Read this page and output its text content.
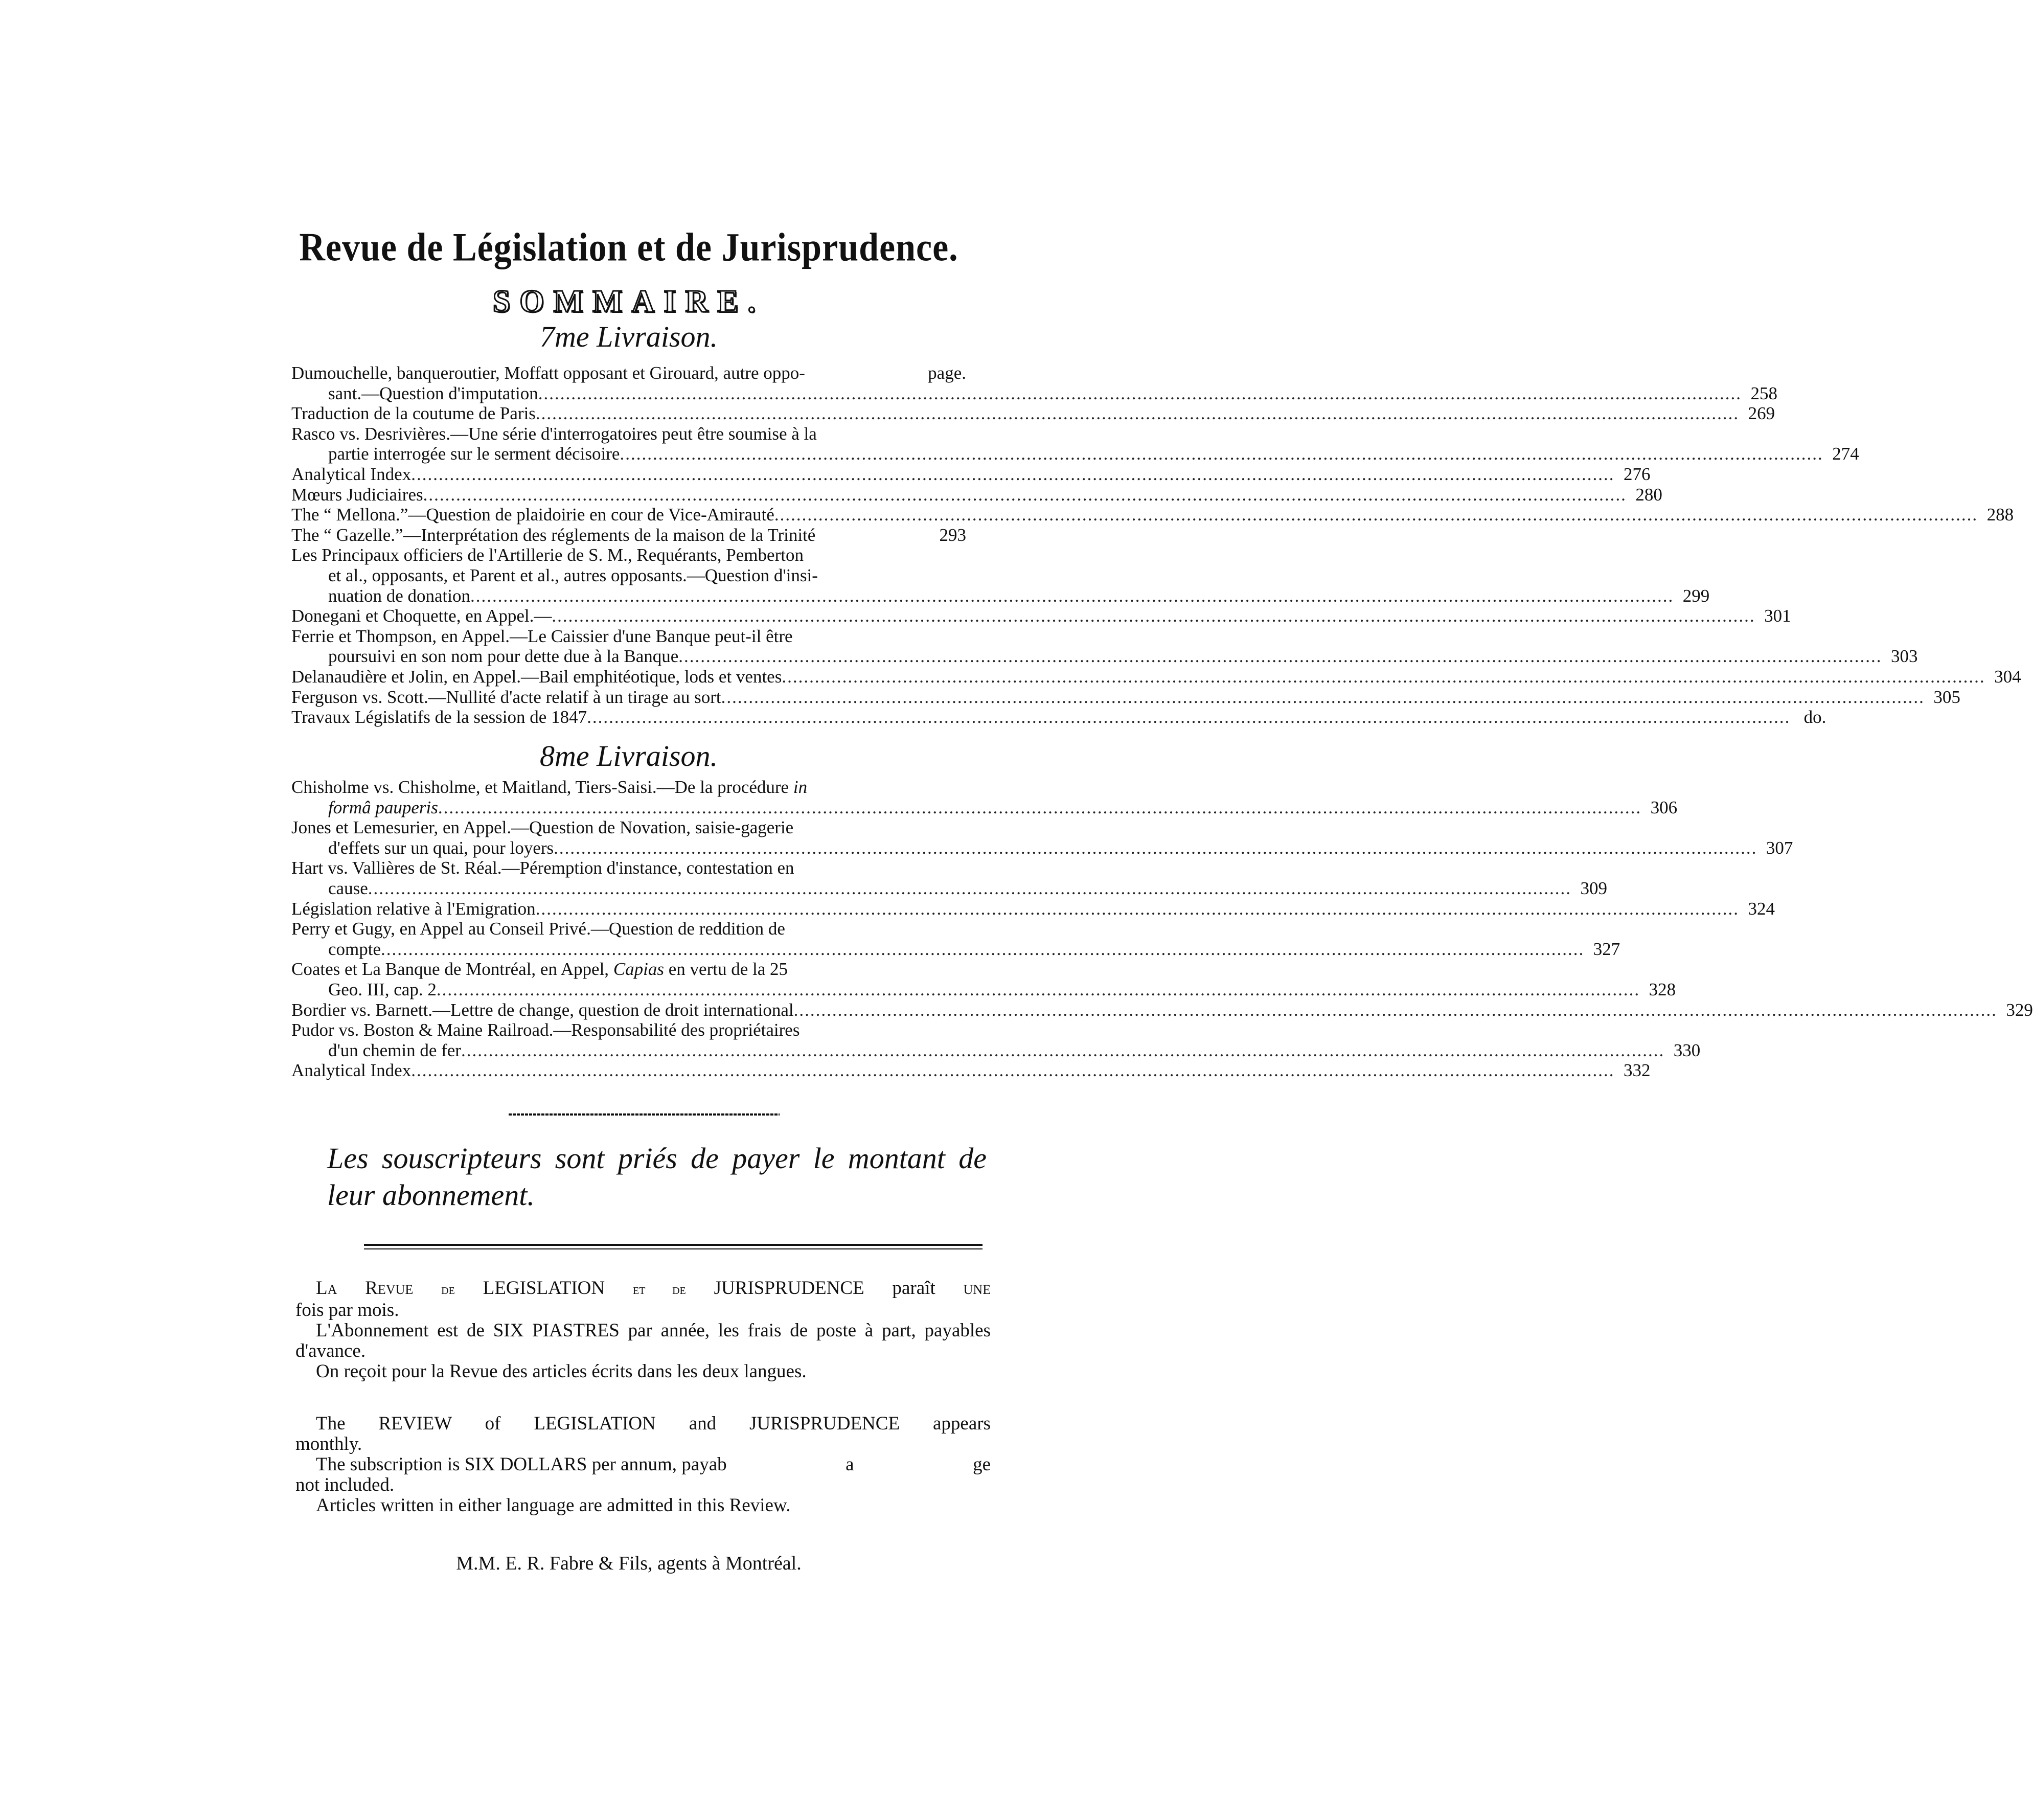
Revue de Législation et de Jurisprudence.
SOMMAIRE.
7me Livraison.
Dumouchelle, banqueroutier, Moffatt opposant et Girouard, autre oppo-	page.
sant.—Question d'imputation .....	258
Traduction de la coutume de Paris .....	269
Rasco vs. Desrivières.—Une série d'interrogatoires peut être soumise à la
partie interrogée sur le serment décisoire .....	274
Analytical Index .....	276
Mœurs Judiciaires .....	280
The “ Mellona.”—Question de plaidoirie en cour de Vice-Amirauté .....	288
The “ Gazelle.”—Interprétation des réglements de la maison de la Trinité	293
Les Principaux officiers de l'Artillerie de S. M., Requérants, Pemberton
et al., opposants, et Parent et al., autres opposants.—Question d'insi-
nuation de donation .....	299
Donegani et Choquette, en Appel.— .....	301
Ferrie et Thompson, en Appel.—Le Caissier d'une Banque peut-il être
poursuivi en son nom pour dette due à la Banque .....	303
Delanaudière et Jolin, en Appel.—Bail emphitéotique, lods et ventes .....	304
Ferguson vs. Scott.—Nullité d'acte relatif à un tirage au sort .....	305
Travaux Législatifs de la session de 1847 .....	do.
8me Livraison.
Chisholme vs. Chisholme, et Maitland, Tiers-Saisi.—De la procédure in
formâ pauperis .....	306
Jones et Lemesurier, en Appel.—Question de Novation, saisie-gagerie
d'effets sur un quai, pour loyers .....	307
Hart vs. Vallières de St. Réal.—Péremption d'instance, contestation en
cause .....	309
Législation relative à l'Emigration .....	324
Perry et Gugy, en Appel au Conseil Privé.—Question de reddition de
compte .....	327
Coates et La Banque de Montréal, en Appel, Capias en vertu de la 25
Geo. III, cap. 2 .....	328
Bordier vs. Barnett.—Lettre de change, question de droit international .....	329
Pudor vs. Boston & Maine Railroad.—Responsabilité des propriétaires
d'un chemin de fer .....	330
Analytical Index .....	332
Les souscripteurs sont priés de payer le montant de leur abonnement.

La Revue de LEGISLATION et de JURISPRUDENCE paraît une

fois par mois.

L'Abonnement est de SIX PIASTRES par année, les frais de poste à part, payables d'avance.

On reçoit pour la Revue des articles écrits dans les deux langues.

The REVIEW of LEGISLATION and JURISPRUDENCE appears

monthly.

The subscription is SIX DOLLARS per annum, payab	a	ge

not included.

Articles written in either language are admitted in this Review.

M.M. E. R. Fabre & Fils, agents à Montréal.
